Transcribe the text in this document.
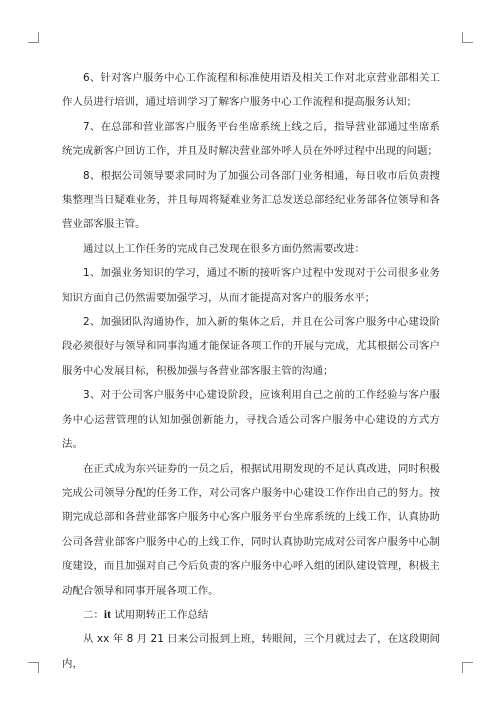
6、针对客户服务中心工作流程和标准使用语及相关工作对北京营业部相关工作人员进行培训，通过培训学习了解客户服务中心工作流程和提高服务认知；

7、在总部和营业部客户服务平台坐席系统上线之后，指导营业部通过坐席系统完成新客户回访工作，并且及时解决营业部外呼人员在外呼过程中出现的问题；

8、根据公司领导要求同时为了加强公司各部门业务相通，每日收市后负责搜集整理当日疑难业务，并且每周将疑难业务汇总发送总部经纪业务部各位领导和各营业部客服主管。

通过以上工作任务的完成自己发现在很多方面仍然需要改进：

1、加强业务知识的学习，通过不断的接听客户过程中发现对于公司很多业务知识方面自己仍然需要加强学习，从而才能提高对客户的服务水平；

2、加强团队沟通协作，加入新的集体之后，并且在公司客户服务中心建设阶段必须很好与领导和同事沟通才能保证各项工作的开展与完成，尤其根据公司客户服务中心发展目标，积极加强与各营业部客服主管的沟通；

3、对于公司客户服务中心建设阶段，应该利用自己之前的工作经验与客户服务中心运营管理的认知加强创新能力，寻找合适公司客户服务中心建设的方式方法。

在正式成为东兴证券的一员之后，根据试用期发现的不足认真改进，同时积极完成公司领导分配的任务工作，对公司客户服务中心建设工作作出自己的努力。按期完成总部和各营业部客户服务中心客户服务平台坐席系统的上线工作，认真协助公司各营业部客户服务中心的上线工作，同时认真协助完成对公司客户服务中心制度建设，而且加强对自己今后负责的客户服务中心呼入组的团队建设管理，积极主动配合领导和同事开展各项工作。

二：it 试用期转正工作总结

从 xx 年 8 月 21 日来公司报到上班，转眼间，三个月就过去了，在这段期间内，
